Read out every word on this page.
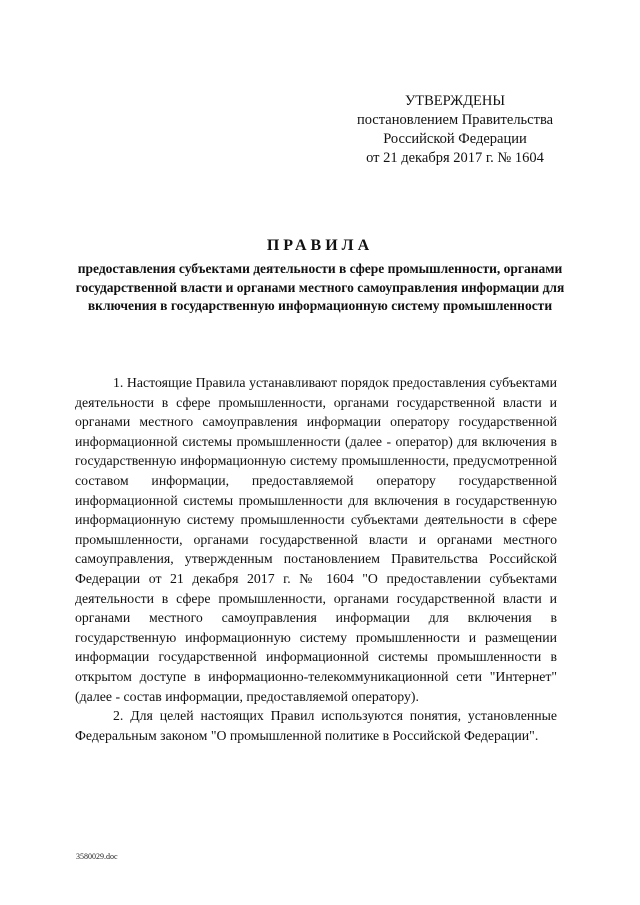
УТВЕРЖДЕНЫ
постановлением Правительства
Российской Федерации
от 21 декабря 2017 г. № 1604
ПРАВИЛА
предоставления субъектами деятельности в сфере промышленности, органами государственной власти и органами местного самоуправления информации для включения в государственную информационную систему промышленности

1. Настоящие Правила устанавливают порядок предоставления субъектами деятельности в сфере промышленности, органами государственной власти и органами местного самоуправления информации оператору государственной информационной системы промышленности (далее - оператор) для включения в государственную информационную систему промышленности, предусмотренной составом информации, предоставляемой оператору государственной информационной системы промышленности для включения в государственную информационную систему промышленности субъектами деятельности в сфере промышленности, органами государственной власти и органами местного самоуправления, утвержденным постановлением Правительства Российской Федерации от 21 декабря 2017 г. № 1604 "О предоставлении субъектами деятельности в сфере промышленности, органами государственной власти и органами местного самоуправления информации для включения в государственную информационную систему промышленности и размещении информации государственной информационной системы промышленности в открытом доступе в информационно-телекоммуникационной сети "Интернет" (далее - состав информации, предоставляемой оператору).

2. Для целей настоящих Правил используются понятия, установленные Федеральным законом "О промышленной политике в Российской Федерации".

3580029.doc
